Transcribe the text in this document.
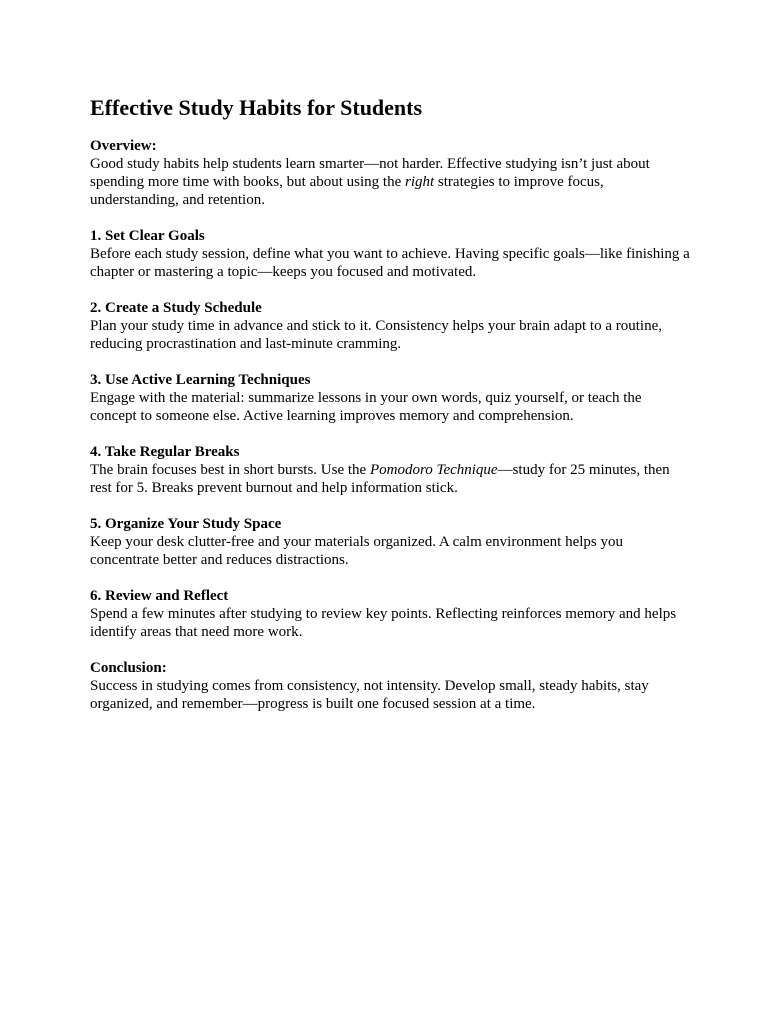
Effective Study Habits for Students

Overview:

Good study habits help students learn smarter—not harder. Effective studying isn’t just about spending more time with books, but about using the right strategies to improve focus, understanding, and retention.

1. Set Clear Goals

Before each study session, define what you want to achieve. Having specific goals—like finishing a chapter or mastering a topic—keeps you focused and motivated.

2. Create a Study Schedule

Plan your study time in advance and stick to it. Consistency helps your brain adapt to a routine, reducing procrastination and last-minute cramming.

3. Use Active Learning Techniques

Engage with the material: summarize lessons in your own words, quiz yourself, or teach the concept to someone else. Active learning improves memory and comprehension.

4. Take Regular Breaks

The brain focuses best in short bursts. Use the Pomodoro Technique—study for 25 minutes, then rest for 5. Breaks prevent burnout and help information stick.

5. Organize Your Study Space

Keep your desk clutter-free and your materials organized. A calm environment helps you concentrate better and reduces distractions.

6. Review and Reflect

Spend a few minutes after studying to review key points. Reflecting reinforces memory and helps identify areas that need more work.

Conclusion:

Success in studying comes from consistency, not intensity. Develop small, steady habits, stay organized, and remember—progress is built one focused session at a time.
